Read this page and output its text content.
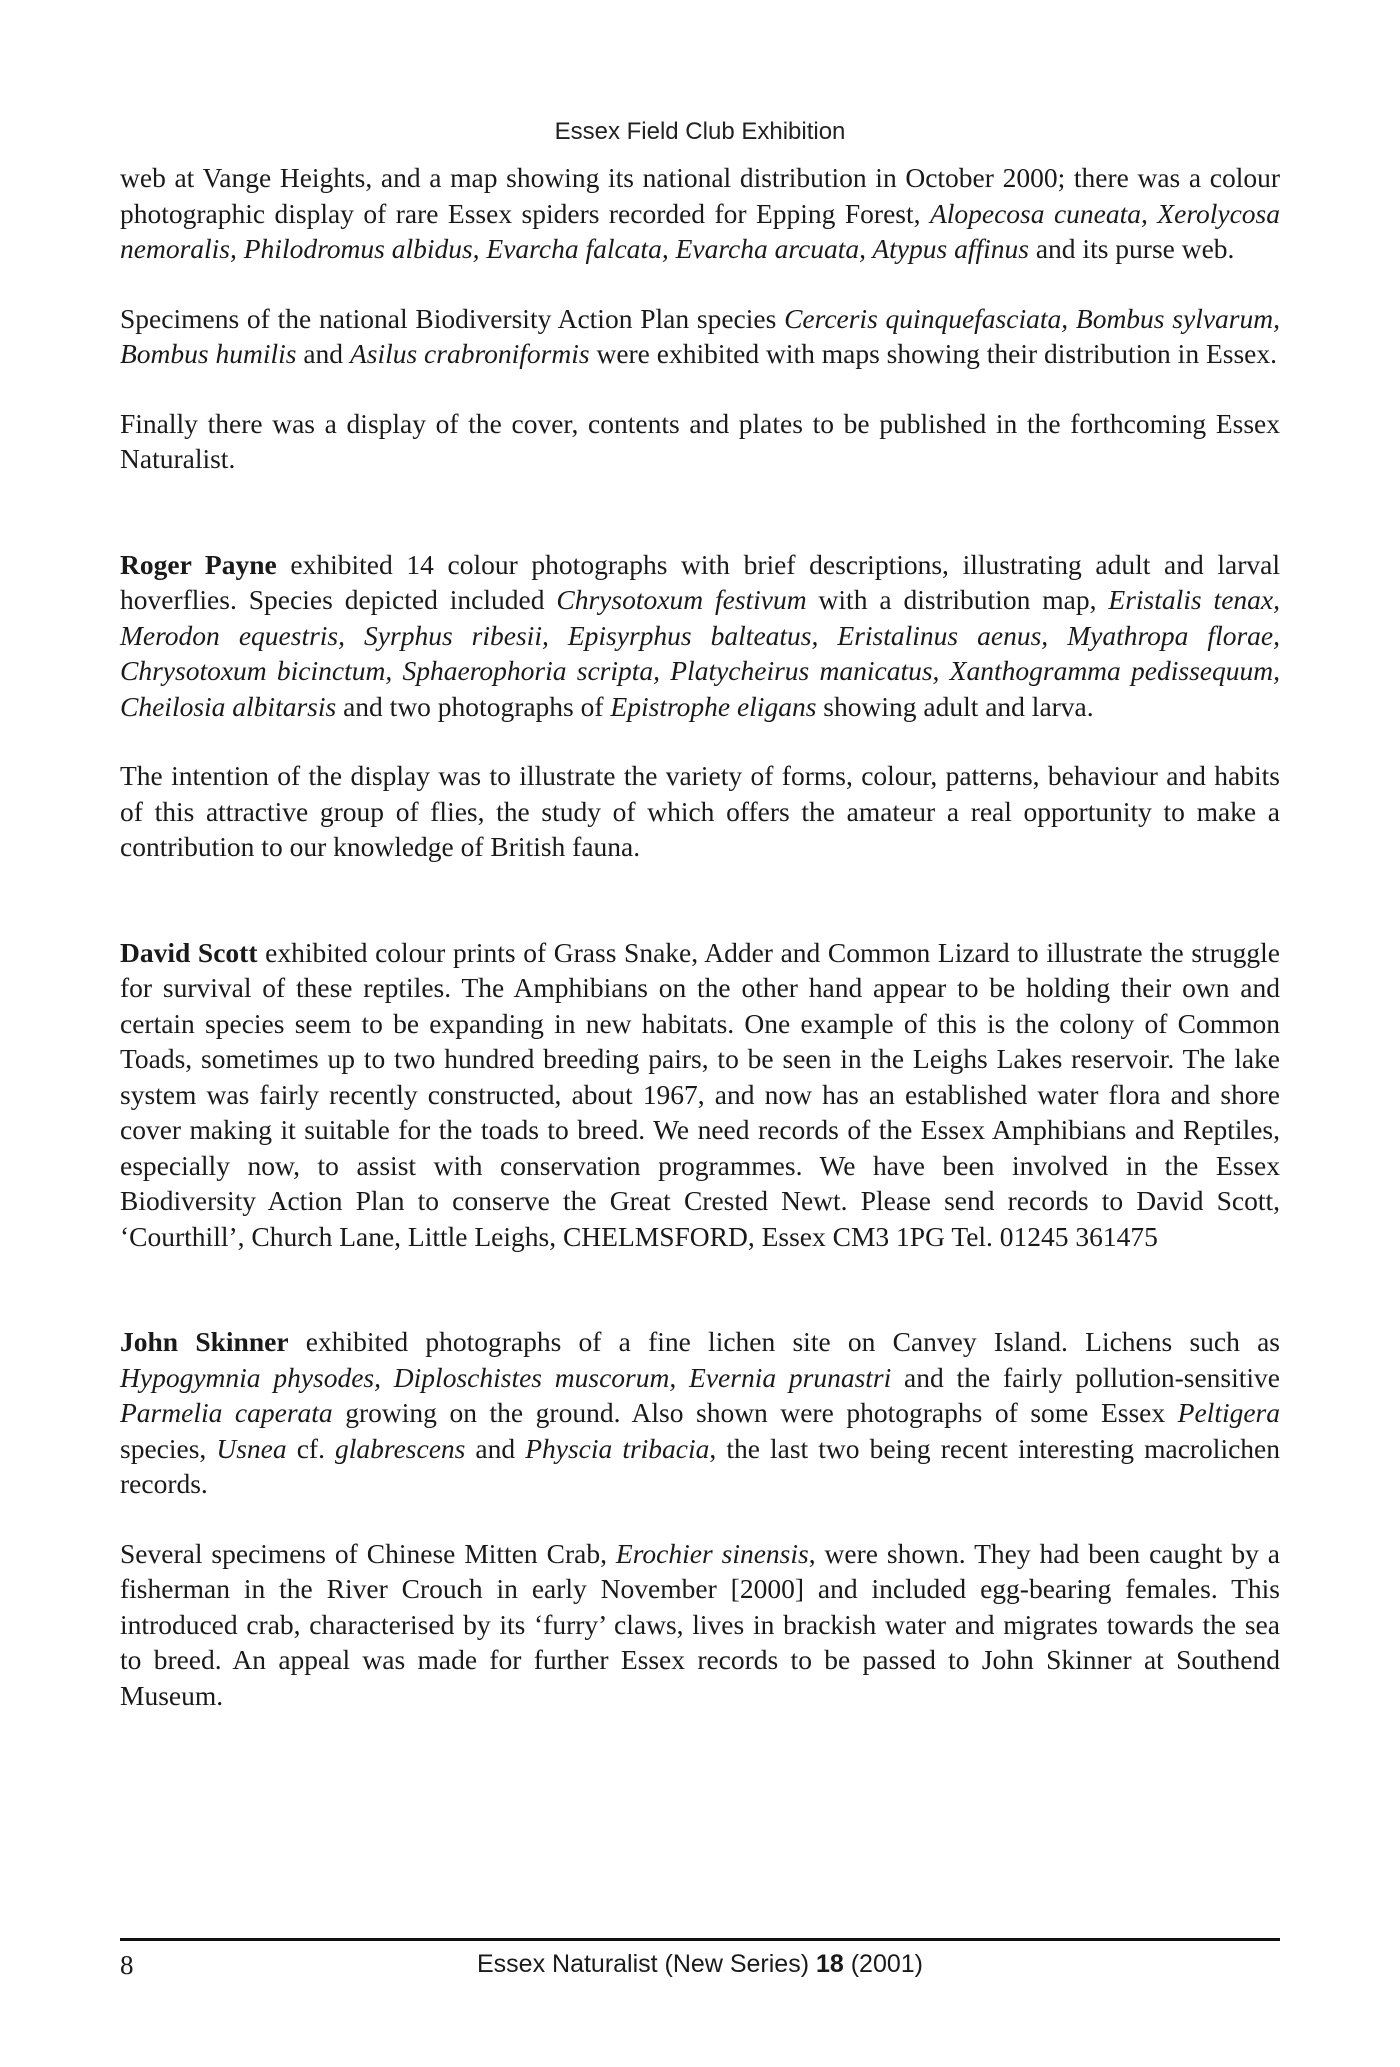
Essex Field Club Exhibition

web at Vange Heights, and a map showing its national distribution in October 2000; there was a colour photographic display of rare Essex spiders recorded for Epping Forest, Alopecosa cuneata, Xerolycosa nemoralis, Philodromus albidus, Evarcha falcata, Evarcha arcuata, Atypus affinus and its purse web.

Specimens of the national Biodiversity Action Plan species Cerceris quinquefasciata, Bombus sylvarum, Bombus humilis and Asilus crabroniformis were exhibited with maps showing their distribution in Essex.

Finally there was a display of the cover, contents and plates to be published in the forthcoming Essex Naturalist.

Roger Payne exhibited 14 colour photographs with brief descriptions, illustrating adult and larval hoverflies. Species depicted included Chrysotoxum festivum with a distribution map, Eristalis tenax, Merodon equestris, Syrphus ribesii, Episyrphus balteatus, Eristalinus aenus, Myathropa florae, Chrysotoxum bicinctum, Sphaerophoria scripta, Platycheirus manicatus, Xanthogramma pedissequum, Cheilosia albitarsis and two photographs of Epistrophe eligans showing adult and larva.

The intention of the display was to illustrate the variety of forms, colour, patterns, behaviour and habits of this attractive group of flies, the study of which offers the amateur a real opportunity to make a contribution to our knowledge of British fauna.

David Scott exhibited colour prints of Grass Snake, Adder and Common Lizard to illustrate the struggle for survival of these reptiles. The Amphibians on the other hand appear to be holding their own and certain species seem to be expanding in new habitats. One example of this is the colony of Common Toads, sometimes up to two hundred breeding pairs, to be seen in the Leighs Lakes reservoir. The lake system was fairly recently constructed, about 1967, and now has an established water flora and shore cover making it suitable for the toads to breed. We need records of the Essex Amphibians and Reptiles, especially now, to assist with conservation programmes. We have been involved in the Essex Biodiversity Action Plan to conserve the Great Crested Newt. Please send records to David Scott, ‘Courthill’, Church Lane, Little Leighs, CHELMSFORD, Essex CM3 1PG Tel. 01245 361475

John Skinner exhibited photographs of a fine lichen site on Canvey Island. Lichens such as Hypogymnia physodes, Diploschistes muscorum, Evernia prunastri and the fairly pollution-sensitive Parmelia caperata growing on the ground. Also shown were photographs of some Essex Peltigera species, Usnea cf. glabrescens and Physcia tribacia, the last two being recent interesting macrolichen records.

Several specimens of Chinese Mitten Crab, Erochier sinensis, were shown. They had been caught by a fisherman in the River Crouch in early November [2000] and included egg-bearing females. This introduced crab, characterised by its ‘furry’ claws, lives in brackish water and migrates towards the sea to breed. An appeal was made for further Essex records to be passed to John Skinner at Southend Museum.

8	Essex Naturalist (New Series) 18 (2001)
